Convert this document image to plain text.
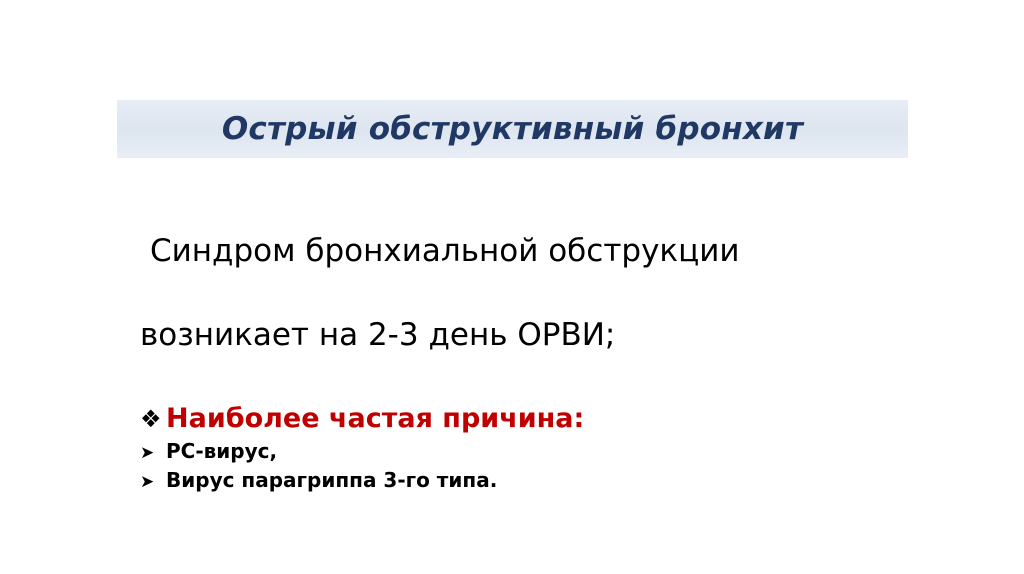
Острый обструктивный бронхит

Синдром бронхиальной обструкции

возникает на 2-3 день ОРВИ;

❖ Наиболее частая причина:
➤ РС-вирус,
➤ Вирус парагриппа 3-го типа.
